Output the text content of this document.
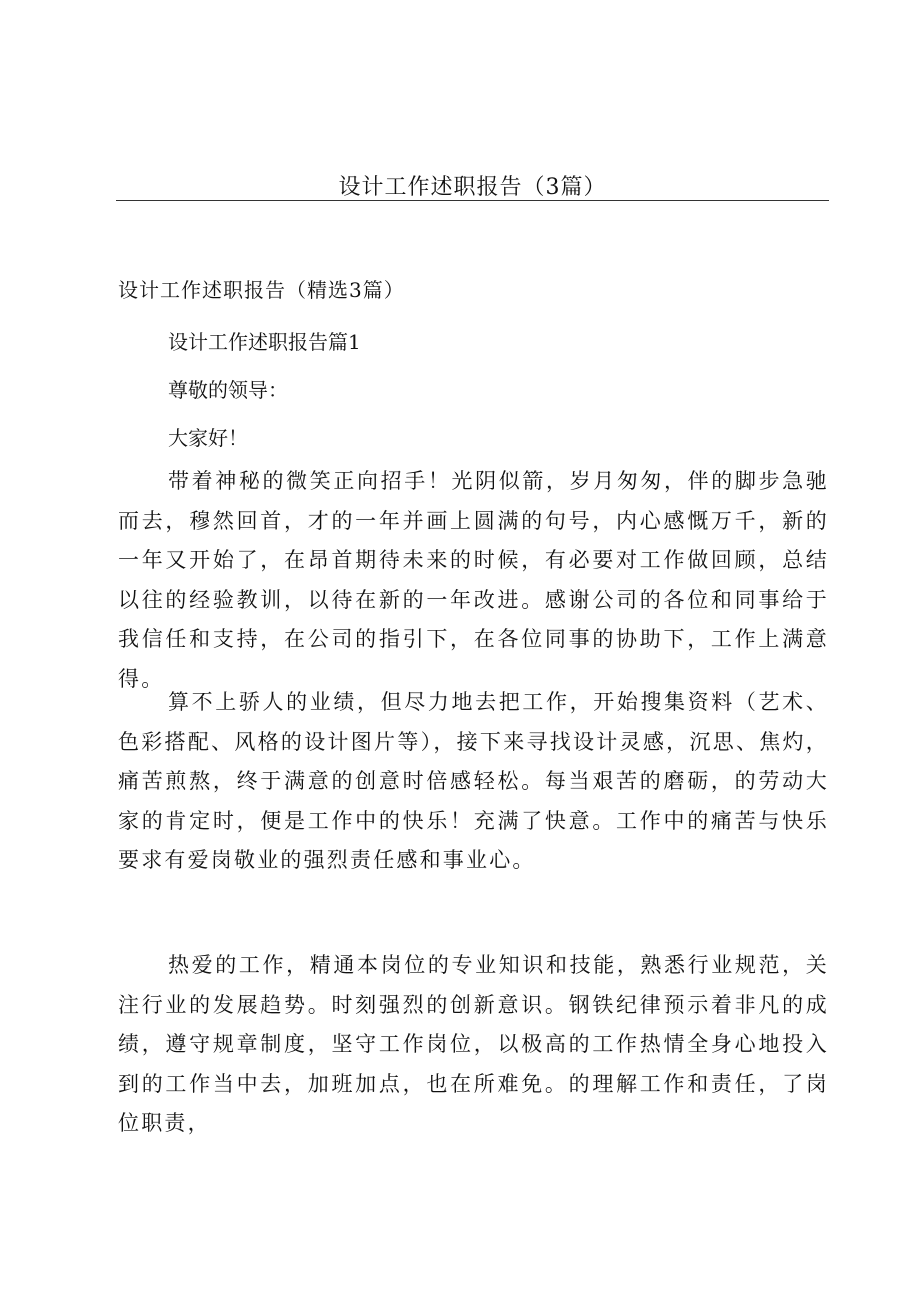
设计工作述职报告（3篇）
设计工作述职报告（精选3篇）
设计工作述职报告篇1
尊敬的领导：
大家好！
带着神秘的微笑正向招手！光阴似箭，岁月匆匆，伴的脚步急驰而去，穆然回首，才的一年并画上圆满的句号，内心感慨万千，新的一年又开始了，在昂首期待未来的时候，有必要对工作做回顾，总结以往的经验教训，以待在新的一年改进。感谢公司的各位和同事给于我信任和支持，在公司的指引下，在各位同事的协助下，工作上满意得。
算不上骄人的业绩，但尽力地去把工作，开始搜集资料（艺术、色彩搭配、风格的设计图片等），接下来寻找设计灵感，沉思、焦灼，痛苦煎熬，终于满意的创意时倍感轻松。每当艰苦的磨砺，的劳动大家的肯定时，便是工作中的快乐！充满了快意。工作中的痛苦与快乐要求有爱岗敬业的强烈责任感和事业心。
热爱的工作，精通本岗位的专业知识和技能，熟悉行业规范，关注行业的发展趋势。时刻强烈的创新意识。钢铁纪律预示着非凡的成绩，遵守规章制度，坚守工作岗位，以极高的工作热情全身心地投入到的工作当中去，加班加点，也在所难免。的理解工作和责任，了岗位职责，
